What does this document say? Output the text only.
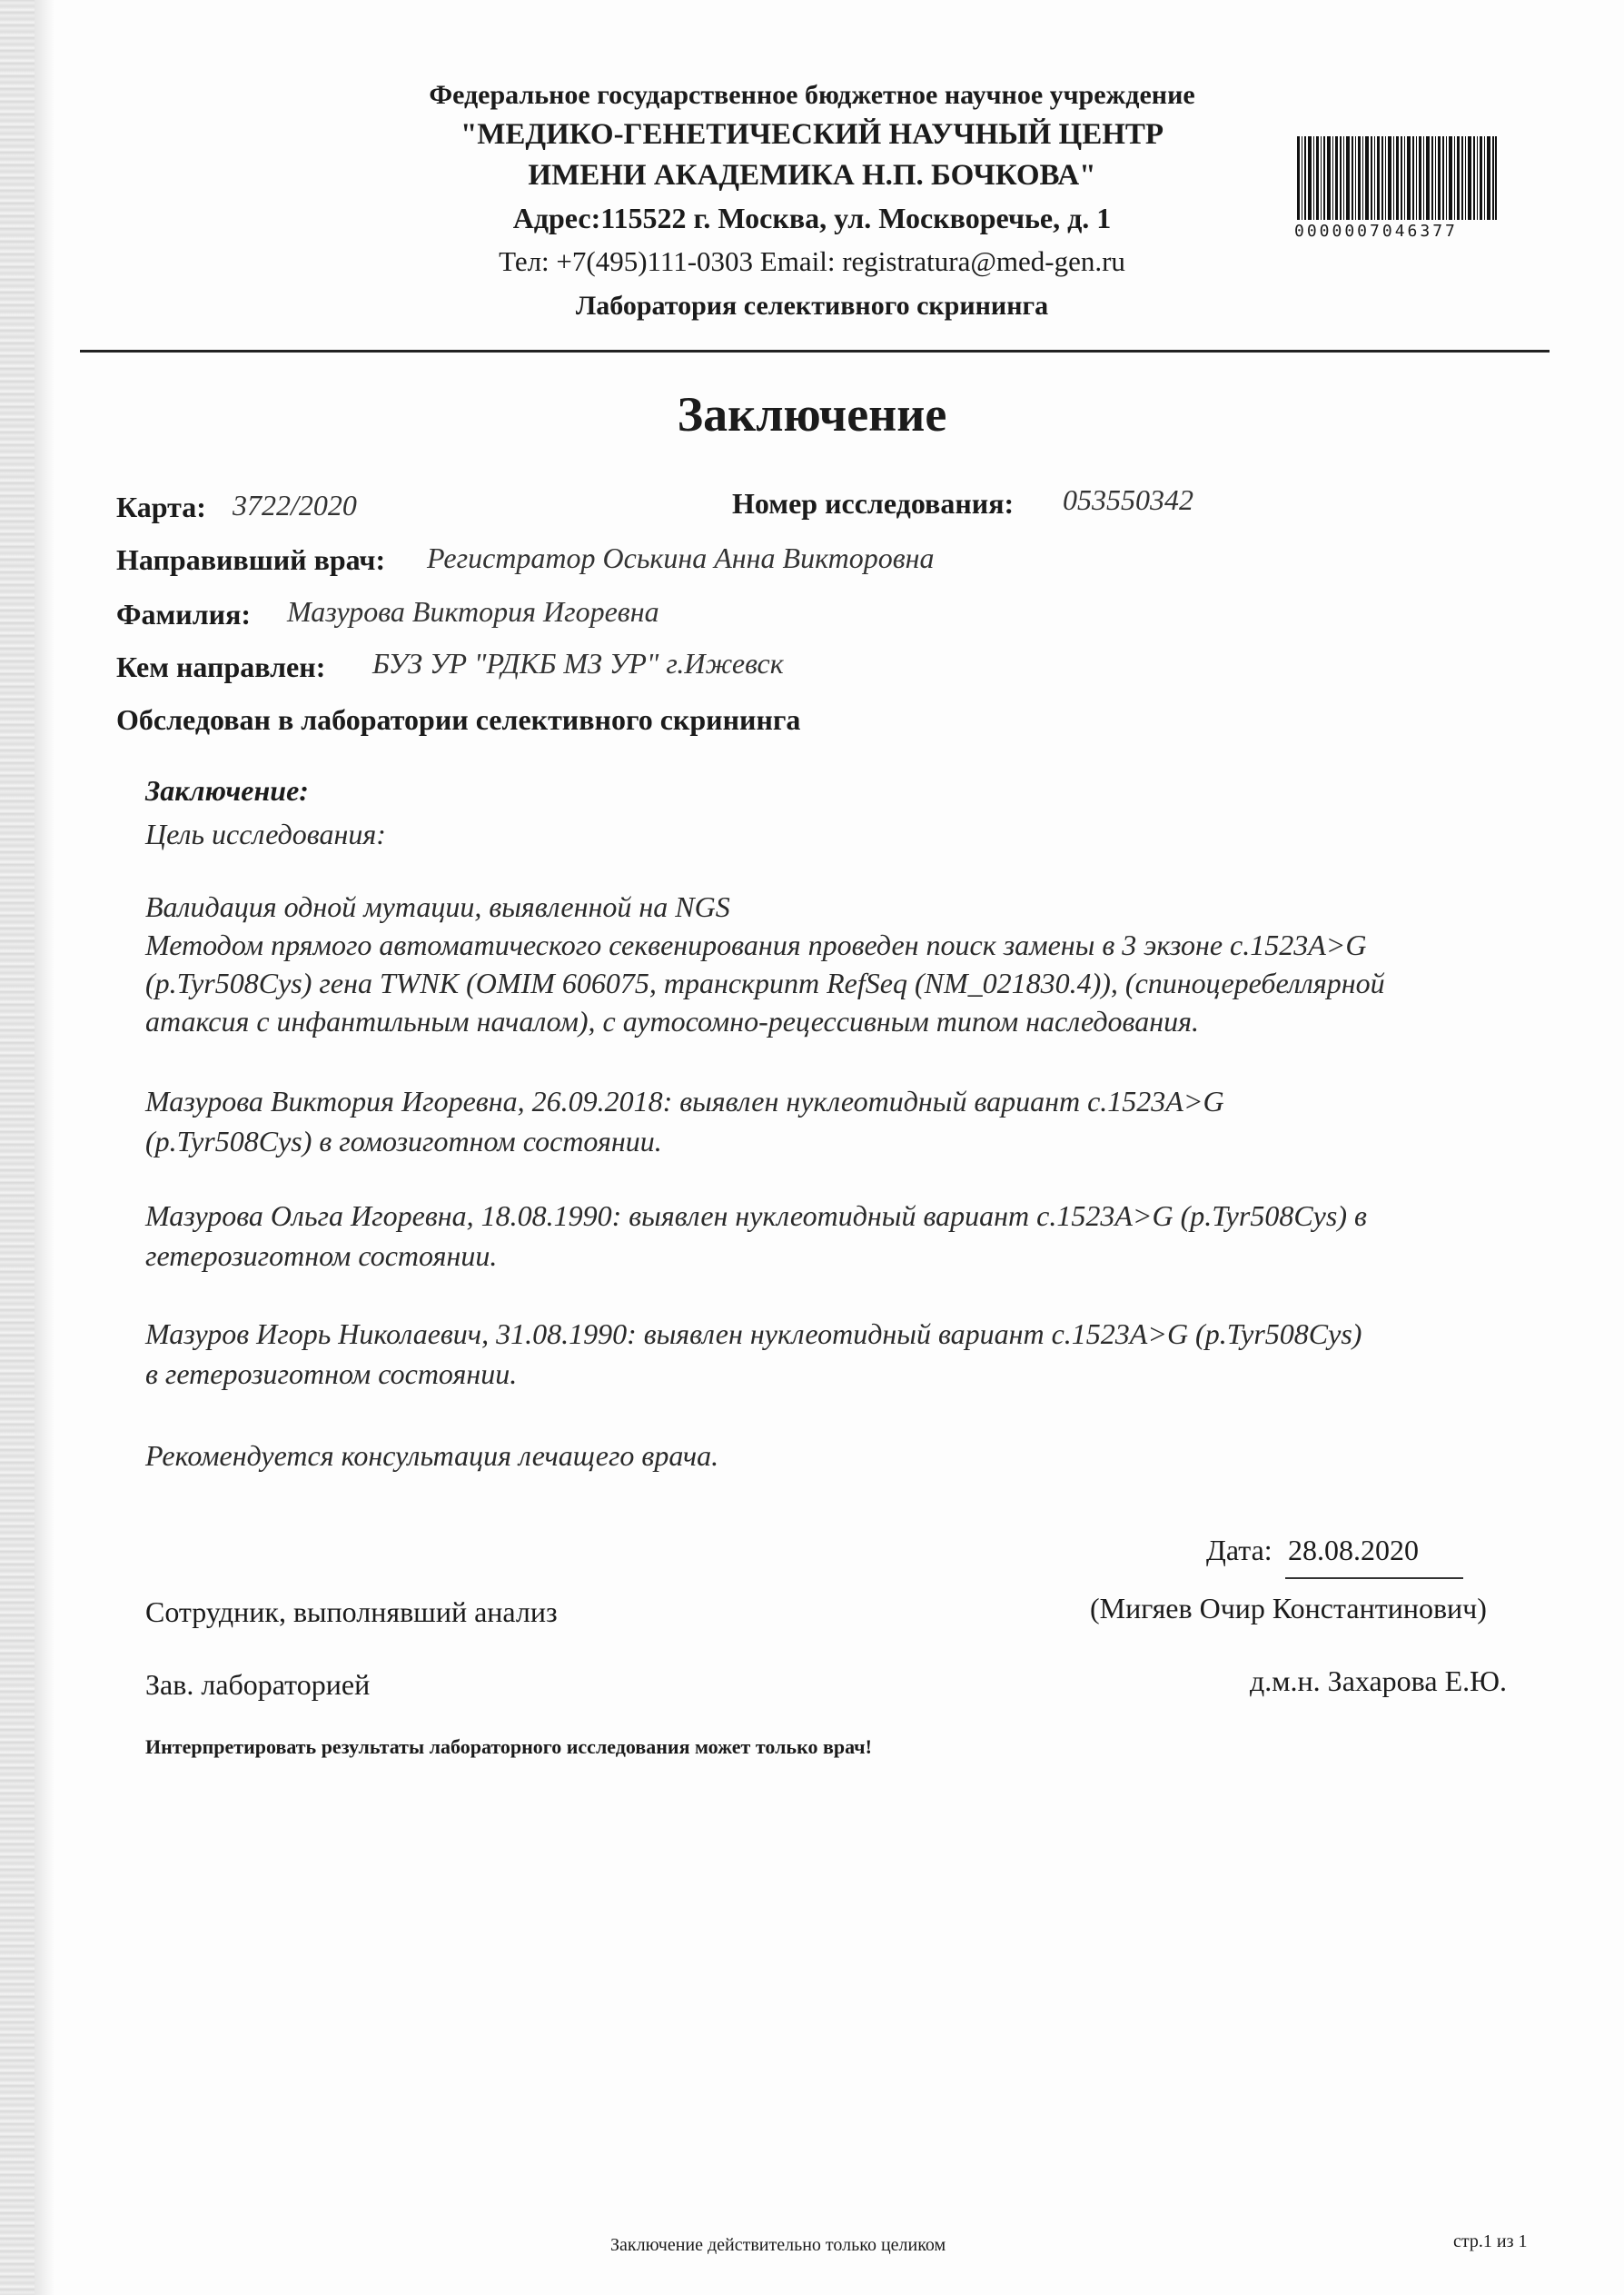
Федеральное государственное бюджетное научное учреждение
"МЕДИКО-ГЕНЕТИЧЕСКИЙ НАУЧНЫЙ ЦЕНТР
ИМЕНИ АКАДЕМИКА Н.П. БОЧКОВА"
Адрес:115522 г. Москва, ул. Москворечье, д. 1
Тел: +7(495)111-0303 Email: registratura@med-gen.ru
Лаборатория селективного скрининга
0000007046377
Заключение
Карта: 3722/2020	Номер исследования: 053550342
Направивший врач: Регистратор Оськина Анна Викторовна
Фамилия: Мазурова Виктория Игоревна
Кем направлен: БУЗ УР "РДКБ МЗ УР" г.Ижевск
Обследован в лаборатории селективного скрининга
Заключение:
Цель исследования:
Валидация одной мутации, выявленной на NGS
Методом прямого автоматического секвенирования проведен поиск замены в 3 экзоне c.1523A>G
(p.Tyr508Cys) гена TWNK (OMIM 606075, транскрипт RefSeq (NM_021830.4)), (спиноцеребеллярной
атаксия с инфантильным началом), с аутосомно-рецессивным типом наследования.
Мазурова Виктория Игоревна, 26.09.2018: выявлен нуклеотидный вариант c.1523A>G
(p.Tyr508Cys) в гомозиготном состоянии.
Мазурова Ольга Игоревна, 18.08.1990: выявлен нуклеотидный вариант c.1523A>G (p.Tyr508Cys) в
гетерозиготном состоянии.
Мазуров Игорь Николаевич, 31.08.1990: выявлен нуклеотидный вариант c.1523A>G (p.Tyr508Cys)
в гетерозиготном состоянии.
Рекомендуется консультация лечащего врача.
Дата: 28.08.2020
Сотрудник, выполнявший анализ	(Мигяев Очир Константинович)
Зав. лабораторией	д.м.н. Захарова Е.Ю.
Интерпретировать результаты лабораторного исследования может только врач!
Заключение действительно только целиком	стр.1 из 1
